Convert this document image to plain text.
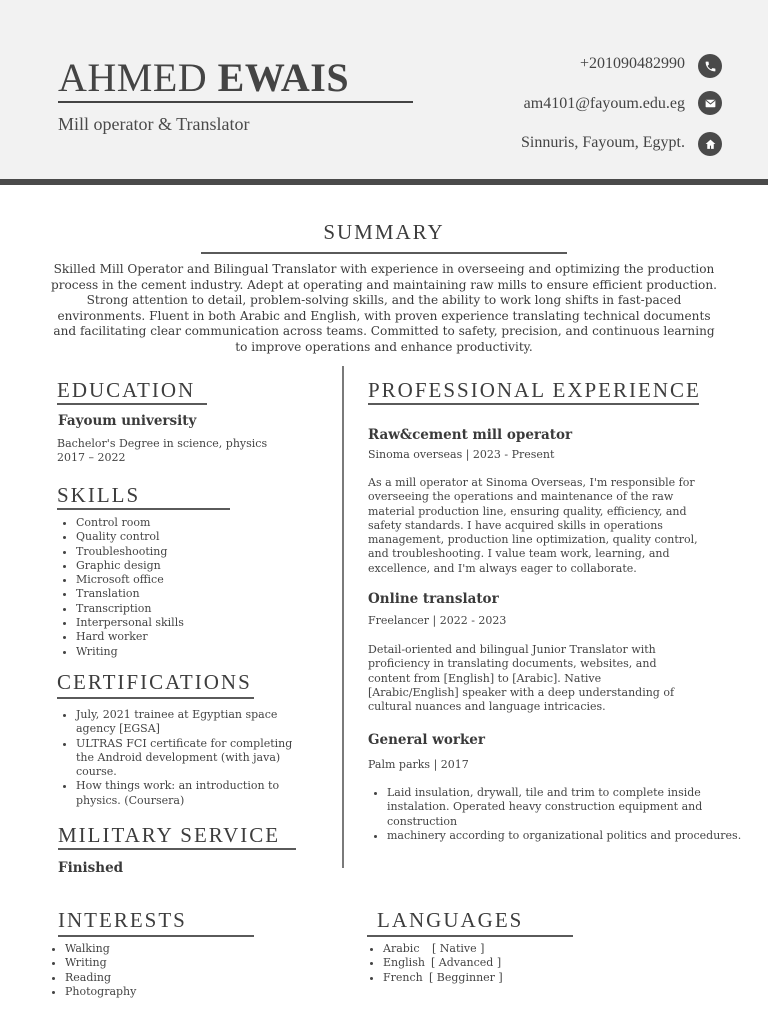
AHMED EWAIS
Mill operator & Translator
+201090482990
am4101@fayoum.edu.eg
Sinnuris, Fayoum, Egypt.
SUMMARY

Skilled Mill Operator and Bilingual Translator with experience in overseeing and optimizing the production process in the cement industry. Adept at operating and maintaining raw mills to ensure efficient production. Strong attention to detail, problem-solving skills, and the ability to work long shifts in fast-paced environments. Fluent in both Arabic and English, with proven experience translating technical documents and facilitating clear communication across teams. Committed to safety, precision, and continuous learning to improve operations and enhance productivity.

EDUCATION

Fayoum university

Bachelor's Degree in science, physics

2017 – 2022

SKILLS
• Control room
• Quality control
• Troubleshooting
• Graphic design
• Microsoft office
• Translation
• Transcription
• Interpersonal skills
• Hard worker
• Writing
CERTIFICATIONS
• July, 2021 trainee at Egyptian space agency [EGSA]
• ULTRAS FCI certificate for completing the Android development (with java) course.
• How things work: an introduction to physics. (Coursera)
MILITARY SERVICE

Finished

PROFESSIONAL EXPERIENCE

Raw&cement mill operator

Sinoma overseas | 2023 - Present

As a mill operator at Sinoma Overseas, I'm responsible for overseeing the operations and maintenance of the raw material production line, ensuring quality, efficiency, and safety standards. I have acquired skills in operations management, production line optimization, quality control, and troubleshooting. I value team work, learning, and excellence, and I'm always eager to collaborate.

Online translator

Freelancer | 2022 - 2023

Detail-oriented and bilingual Junior Translator with proficiency in translating documents, websites, and content from [English] to [Arabic]. Native [Arabic/English] speaker with a deep understanding of cultural nuances and language intricacies.

General worker

Palm parks | 2017

• Laid insulation, drywall, tile and trim to complete inside instalation. Operated heavy construction equipment and construction
• machinery according to organizational politics and procedures.
INTERESTS
• Walking
• Writing
• Reading
• Photography
LANGUAGES
• Arabic [ Native ]
• English [ Advanced ]
• French [ Begginner ]
